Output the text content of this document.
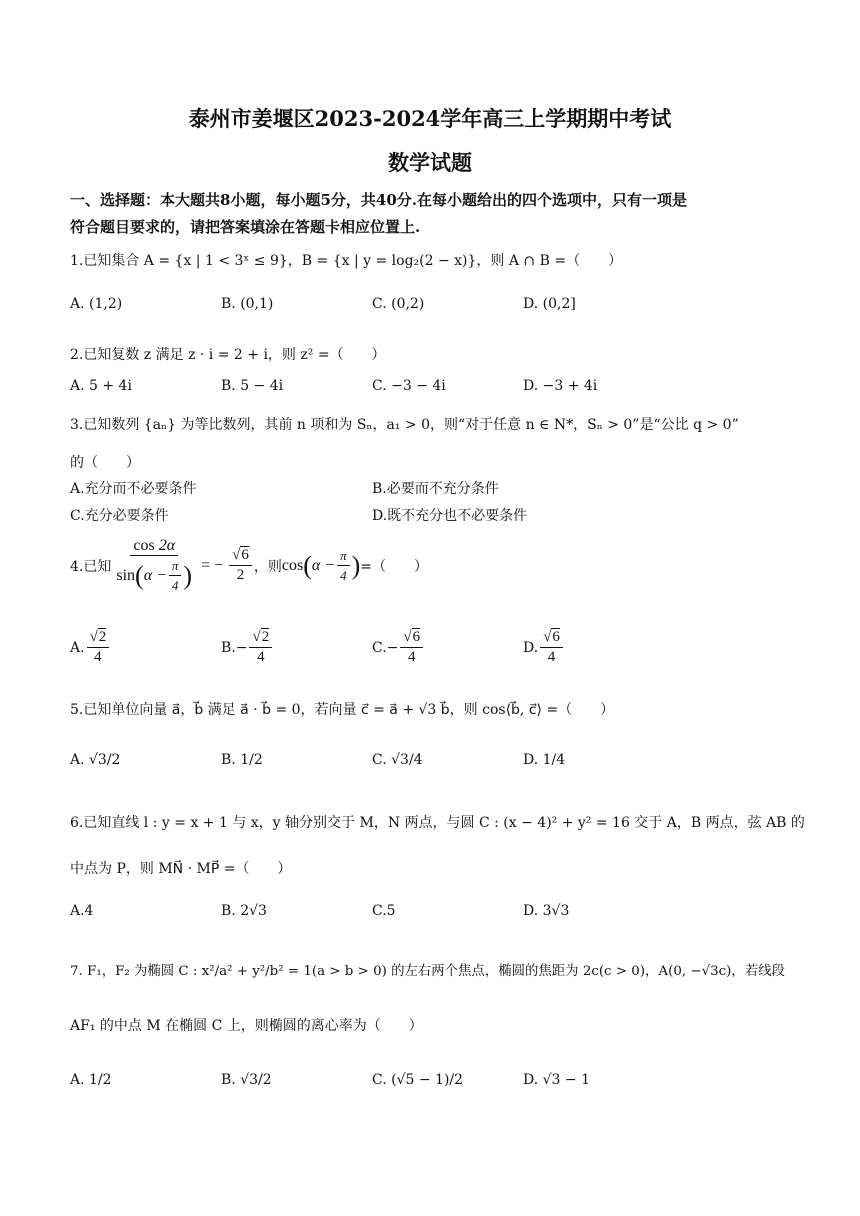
泰州市姜堰区2023-2024学年高三上学期期中考试
数学试题
一、选择题：本大题共8小题，每小题5分，共40分.在每小题给出的四个选项中，只有一项是
符合题目要求的，请把答案填涂在答题卡相应位置上.
1.已知集合 A = {x | 1 < 3ˣ ≤ 9}，B = {x | y = log₂(2 − x)}，则 A ∩ B =（　　）
A. (1,2)	B. (0,1)	C. (0,2)	D. (0,2]
2.已知复数 z 满足 z · i = 2 + i，则 z² =（　　）
A. 5 + 4i	B. 5 − 4i	C. −3 − 4i	D. −3 + 4i
3.已知数列 {aₙ} 为等比数列，其前 n 项和为 Sₙ，a₁ > 0，则“对于任意 n ∈ N*，Sₙ > 0”是“公比 q > 0”
的（　　）
A.充分而不必要条件	B.必要而不充分条件
C.充分必要条件	D.既不充分也不必要条件
4.已知 $\frac{\cos 2\alpha}{\sin ( \alpha - \frac{\pi}{4} )}$ = − $\frac{√6}{2}$ ，则 cos ( $\alpha - \frac{\pi}{4}$ ) =（　　）
A. $\frac{√2}{4}$	$B.- \frac{√2}{4}$	$C.- \frac{√6}{4}$	D. $\frac{√6}{4}$
5.已知单位向量 a⃗，b⃗ 满足 a⃗ · b⃗ = 0，若向量 c⃗ = a⃗ + √3 b⃗，则 cos⟨b⃗, c⃗⟩ =（　　）
A. √3/2	B. 1/2	C. √3/4	D. 1/4
6.已知直线 l : y = x + 1 与 x，y 轴分别交于 M，N 两点，与圆 C : (x − 4)² + y² = 16 交于 A，B 两点，弦 AB 的
中点为 P，则 MN⃗ · MP⃗ =（　　）
A.4	B. 2√3	C.5	D. 3√3
7. F₁，F₂ 为椭圆 C : x²/a² + y²/b² = 1(a > b > 0) 的左右两个焦点，椭圆的焦距为 2c(c > 0)，A(0, −√3c)，若线段
AF₁ 的中点 M 在椭圆 C 上，则椭圆的离心率为（　　）
A. 1/2	B. √3/2	C. (√5 − 1)/2	D. √3 − 1
